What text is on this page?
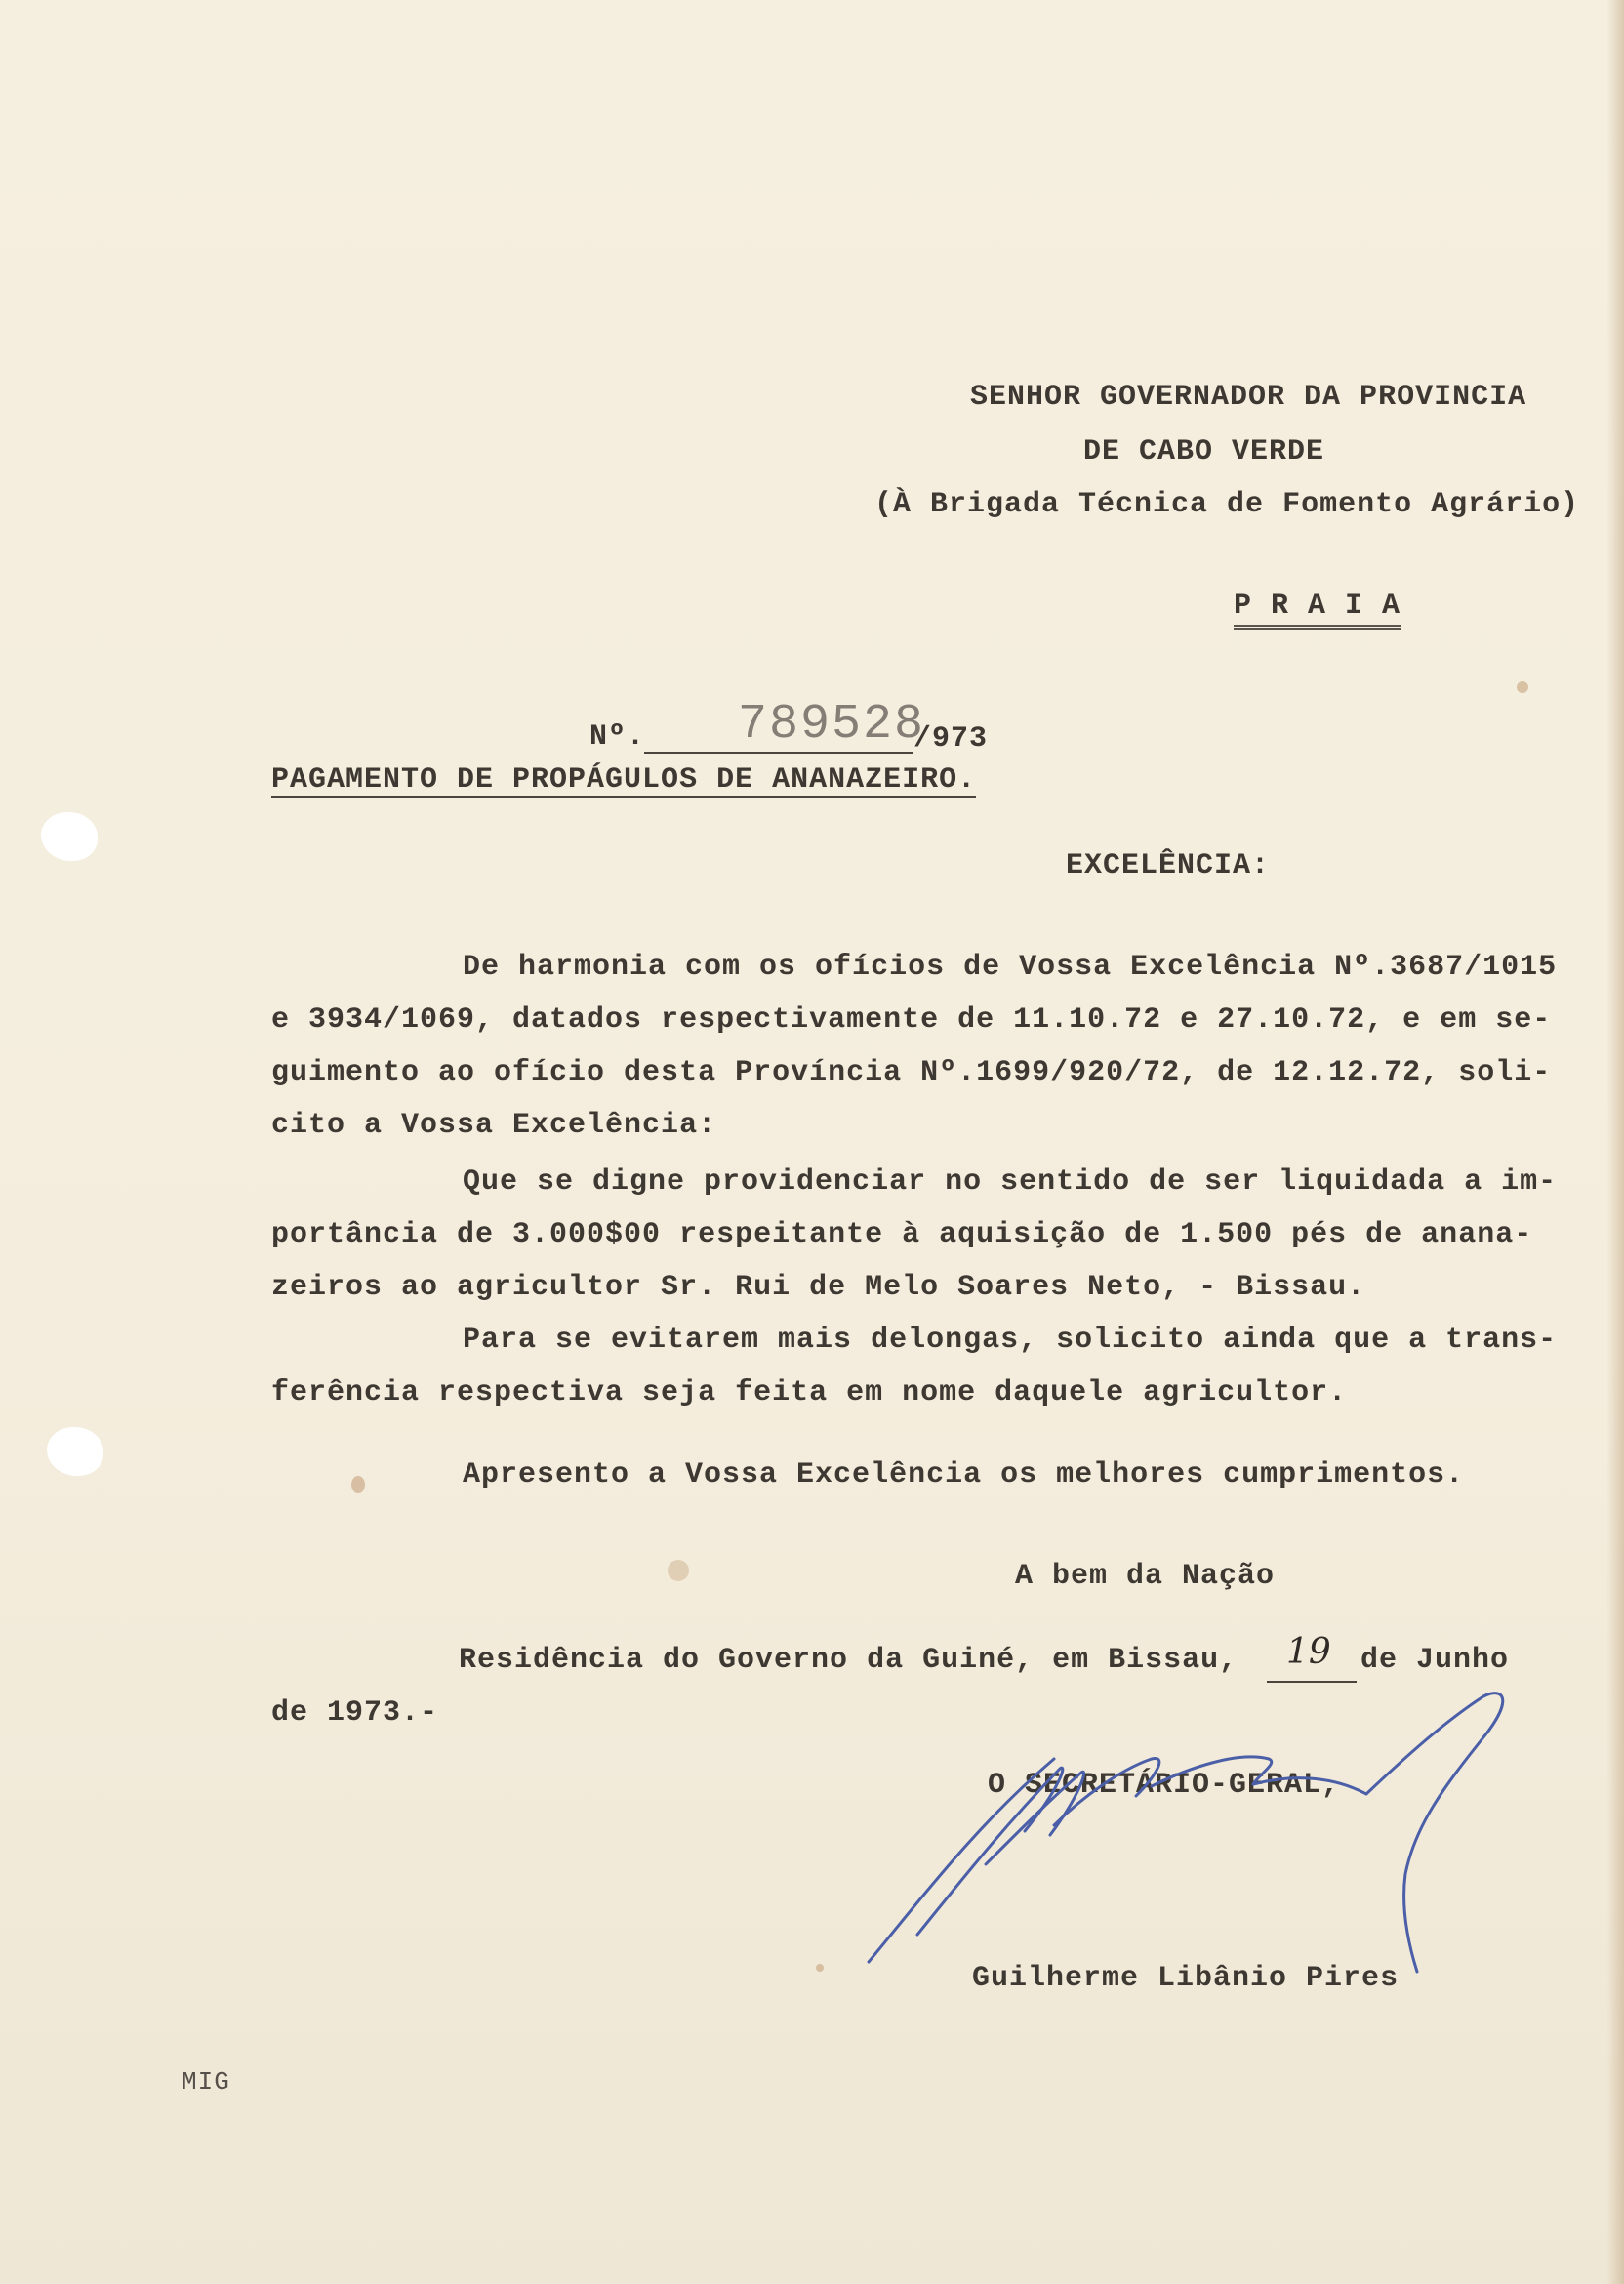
SENHOR GOVERNADOR DA PROVINCIA
DE CABO VERDE
(À Brigada Técnica de Fomento Agrário)
P R A I A
Nº. 789528
/973
PAGAMENTO DE PROPÁGULOS DE ANANAZEIRO.
EXCELÊNCIA:
De harmonia com os ofícios de Vossa Excelência Nº.3687/1015
e 3934/1069, datados respectivamente de 11.10.72 e 27.10.72, e em se-
guimento ao ofício desta Província Nº.1699/920/72, de 12.12.72, soli-
cito a Vossa Excelência:
Que se digne providenciar no sentido de ser liquidada a im-
portância de 3.000$00 respeitante à aquisição de 1.500 pés de anana-
zeiros ao agricultor Sr. Rui de Melo Soares Neto, - Bissau.
Para se evitarem mais delongas, solicito ainda que a trans-
ferência respectiva seja feita em nome daquele agricultor.
Apresento a Vossa Excelência os melhores cumprimentos.
A bem da Nação
Residência do Governo da Guiné, em Bissau, 19 de Junho
de 1973.-
O SECRETÁRIO-GERAL,
Guilherme Libânio Pires
MIG
